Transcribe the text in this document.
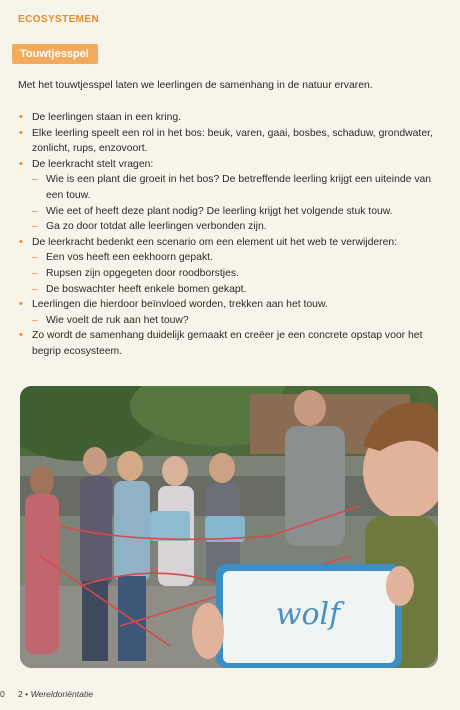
ECOSYSTEMEN
Touwtjesspel
Met het touwtjesspel laten we leerlingen de samenhang in de natuur ervaren.
• De leerlingen staan in een kring.
• Elke leerling speelt een rol in het bos: beuk, varen, gaai, bosbes, schaduw, grondwater, zonlicht, rups, enzovoort.
• De leerkracht stelt vragen:
– Wie is een plant die groeit in het bos? De betreffende leerling krijgt een uiteinde van een touw.
– Wie eet of heeft deze plant nodig? De leerling krijgt het volgende stuk touw.
– Ga zo door totdat alle leerlingen verbonden zijn.
• De leerkracht bedenkt een scenario om een element uit het web te verwijderen:
– Een vos heeft een eekhoorn gepakt.
– Rupsen zijn opgegeten door roodborstjes.
– De boswachter heeft enkele bomen gekapt.
• Leerlingen die hierdoor beïnvloed worden, trekken aan het touw.
– Wie voelt de ruk aan het touw?
• Zo wordt de samenhang duidelijk gemaakt en creëer je een concrete opstap voor het begrip ecosysteem.
wolf
0 2 • Wereldoriëntatie
